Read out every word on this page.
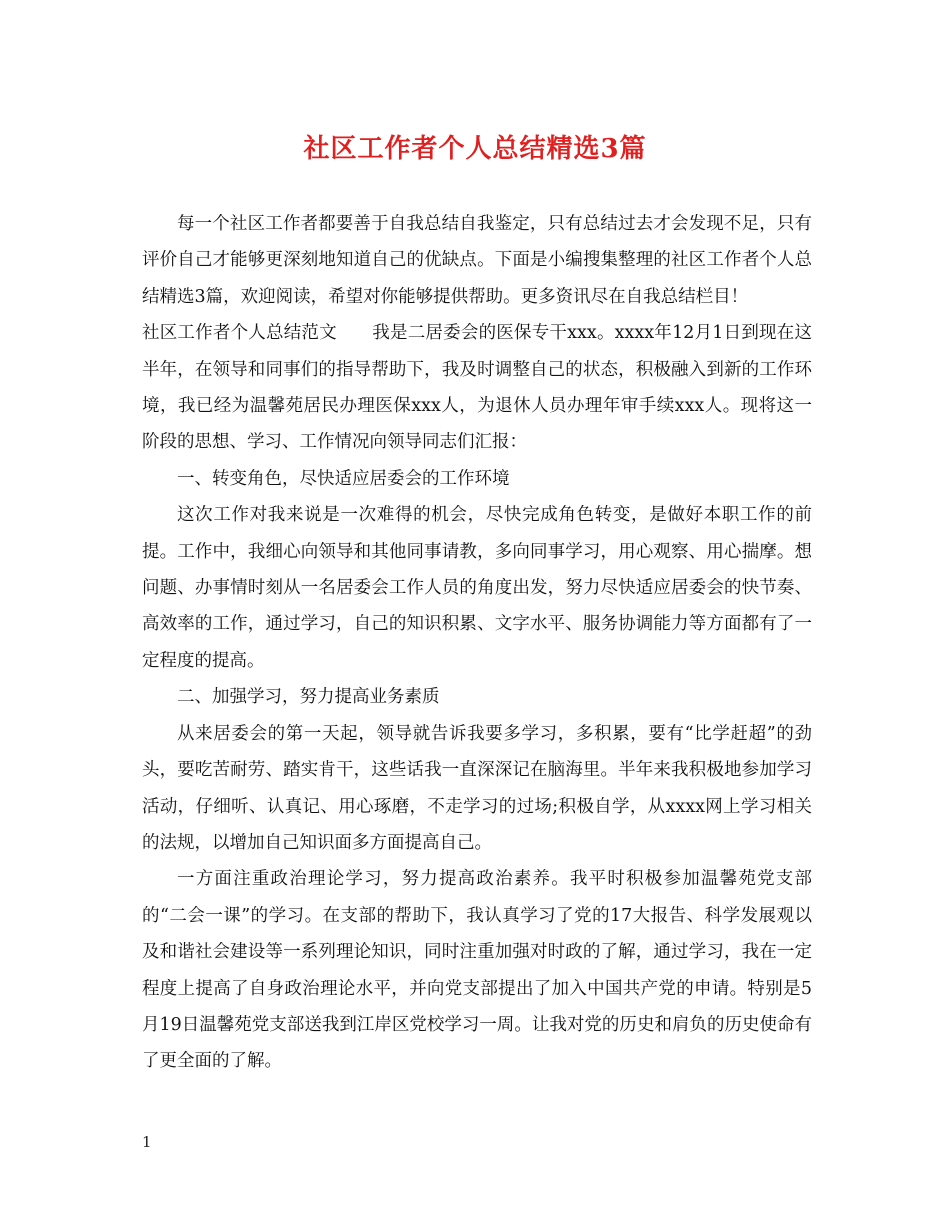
社区工作者个人总结精选3篇

每一个社区工作者都要善于自我总结自我鉴定，只有总结过去才会发现不足，只有评价自己才能够更深刻地知道自己的优缺点。下面是小编搜集整理的社区工作者个人总结精选3篇，欢迎阅读，希望对你能够提供帮助。更多资讯尽在自我总结栏目！

社区工作者个人总结范文　　我是二居委会的医保专干xxx。xxxx年12月1日到现在这半年，在领导和同事们的指导帮助下，我及时调整自己的状态，积极融入到新的工作环境，我已经为温馨苑居民办理医保xxx人，为退休人员办理年审手续xxx人。现将这一阶段的思想、学习、工作情况向领导同志们汇报：

一、转变角色，尽快适应居委会的工作环境

这次工作对我来说是一次难得的机会，尽快完成角色转变，是做好本职工作的前提。工作中，我细心向领导和其他同事请教，多向同事学习，用心观察、用心揣摩。想问题、办事情时刻从一名居委会工作人员的角度出发，努力尽快适应居委会的快节奏、高效率的工作，通过学习，自己的知识积累、文字水平、服务协调能力等方面都有了一定程度的提高。

二、加强学习，努力提高业务素质

从来居委会的第一天起，领导就告诉我要多学习，多积累，要有“比学赶超”的劲头，要吃苦耐劳、踏实肯干，这些话我一直深深记在脑海里。半年来我积极地参加学习活动，仔细听、认真记、用心琢磨，不走学习的过场;积极自学，从xxxx网上学习相关的法规，以增加自己知识面多方面提高自己。

一方面注重政治理论学习，努力提高政治素养。我平时积极参加温馨苑党支部的“二会一课”的学习。在支部的帮助下，我认真学习了党的17大报告、科学发展观以及和谐社会建设等一系列理论知识，同时注重加强对时政的了解，通过学习，我在一定程度上提高了自身政治理论水平，并向党支部提出了加入中国共产党的申请。特别是5月19日温馨苑党支部送我到江岸区党校学习一周。让我对党的历史和肩负的历史使命有了更全面的了解。

1
